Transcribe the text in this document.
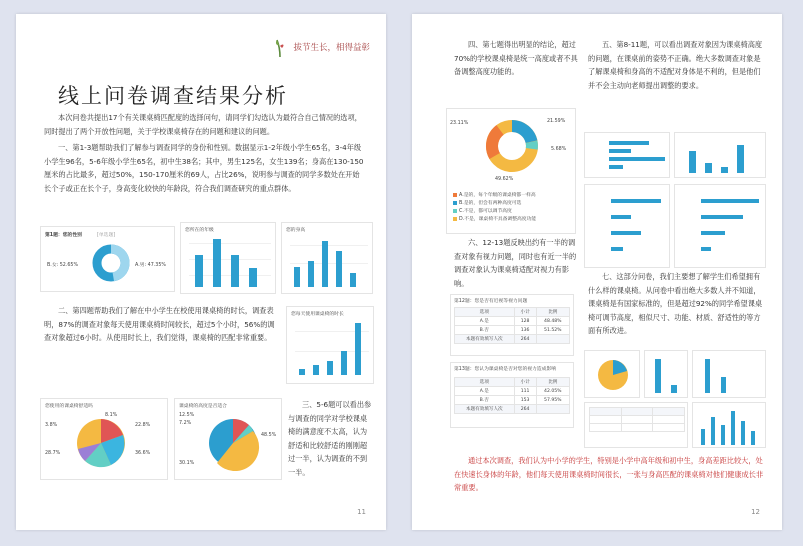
拔节生长，相得益彰
线上问卷调查结果分析
本次问卷共提出17个有关课桌椅匹配度的选择问句，请同学们勾选认为最符合自己情况的选项，同时提出了两个开放性问题，关于学校课桌椅存在的问题和建议的问题。
一、第1-3题帮助我们了解参与调查同学的身份和性别。数据显示1-2年级小学生65名，3-4年级小学生96名，5-6年级小学生65名，初中生38名；其中，男生125名，女生139名；身高在130-150厘米的占比最多，超过50%，150-170厘米的69人，占比26%，说明参与调查的同学多数处在开始长个子或正在长个子，身高变化较快的年龄段，符合我们调查研究的重点群体。
第1题：您的性别	[单选题]
B.女: 52.65%	A.男: 47.35%
您所在的年级	您的身高
二、第四题帮助我们了解在中小学生在校使用课桌椅的时长，调查表明，87%的调查对象每天使用课桌椅时间较长，超过5个小时，56%的调查对象超过6小时。从使用时长上，我们觉得，课桌椅的匹配非常重要。
您每天使用课桌椅的时长
您使用的课桌椅舒适吗
8.1%
22.8%
36.6%
28.7%
3.8%
课桌椅的高度是否适合
12.5%
7.2%
48.5%
30.1%
三、5-6题可以看出参与调查的同学对学校课桌椅的满意度不太高，认为舒适和比较舒适的刚刚超过一半，认为调查的不到一半。
11
四、第七题得出明显的结论，超过70%的学校课桌椅是统一高度或者不具备调整高度功能的。
23.11%	21.59%
5.68%
49.62%
A.是的，每个年级的课桌椅都一样高
B.是的，但会有两种高度可选
C.不是，都可以调节高度
D.不是，课桌椅不具备调整高度功能
六、12-13题反映出约有一半的调查对象有视力问题，同时也有近一半的调查对象认为课桌椅适配对视力有影响。
第12题：您是否有近视等视力问题
选项	小计	比例
A.是	128	48.48%
B.否	136	51.52%
本题有效填写人次	264	
第13题：您认为课桌椅是否对您的视力造成影响
选项	小计	比例
A.是	111	42.05%
B.否	153	57.95%
本题有效填写人次	264	
五、第8-11题，可以看出调查对象因为课桌椅高度的问题，在课桌前的姿势不正确。绝大多数调查对象是了解课桌椅和身高的不适配对身体是不利的，但是他们并不会主动向老师提出调整的要求。
七、这部分问卷，我们主要想了解学生们希望拥有什么样的课桌椅。从问卷中看出绝大多数人并不知道，课桌椅是有国家标准的，但是超过92%的同学希望课桌椅可调节高度，相似尺寸、功能、材质、舒适性的等方面有所改进。

通过本次调查，我们认为中小学的学生，特别是小学中高年级和初中生，身高差距比较大，处在快速长身体的年龄，他们每天使用课桌椅时间很长，一张与身高匹配的课桌椅对他们健康成长非常重要。
12
